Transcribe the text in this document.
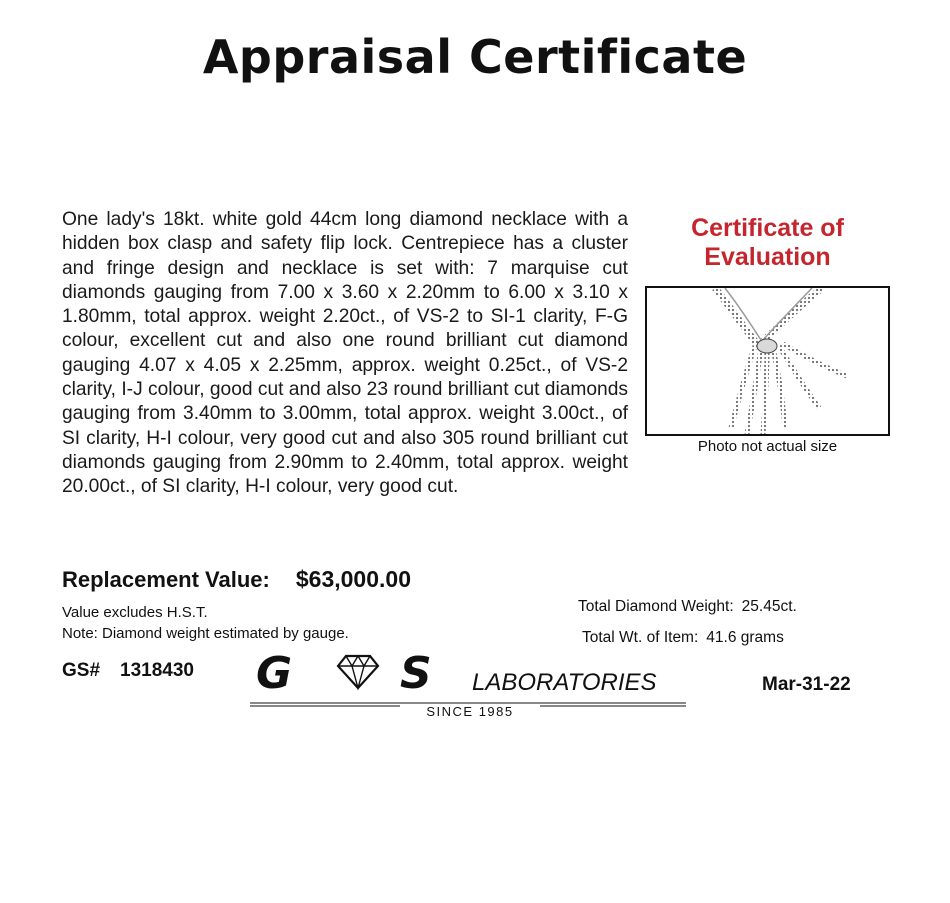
Appraisal Certificate

One lady's 18kt. white gold 44cm long diamond necklace with a hidden box clasp and safety flip lock. Centrepiece has a cluster and fringe design and necklace is set with: 7 marquise cut diamonds gauging from 7.00 x 3.60 x 2.20mm to 6.00 x 3.10 x 1.80mm, total approx. weight 2.20ct., of VS-2 to SI-1 clarity, F-G colour, excellent cut and also one round brilliant cut diamond gauging 4.07 x 4.05 x 2.25mm, approx. weight 0.25ct., of VS-2 clarity, I-J colour, good cut and also 23 round brilliant cut diamonds gauging from 3.40mm to 3.00mm, total approx. weight 3.00ct., of SI clarity, H-I colour, very good cut and also 305 round brilliant cut diamonds gauging from 2.90mm to 2.40mm, total approx. weight 20.00ct., of SI clarity, H-I colour, very good cut.

Certificate of
Evaluation
Photo not actual size
Replacement Value: $63,000.00
Value excludes H.S.T.
Note: Diamond weight estimated by gauge.
Total Diamond Weight: 25.45ct.
Total Wt. of Item: 41.6 grams
GS# 1318430 G S LABORATORIES
SINCE 1985
Mar-31-22
